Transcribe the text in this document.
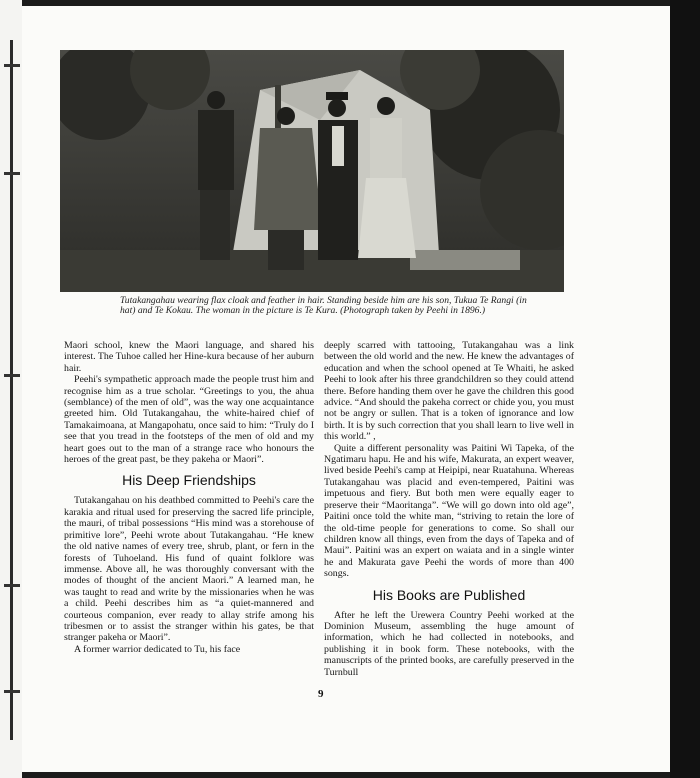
Tutakangahau wearing flax cloak and feather in hair. Standing beside him are his son, Tukua Te Rangi (in hat) and Te Kokau. The woman in the picture is Te Kura. (Photograph taken by Peehi in 1896.)

Maori school, knew the Maori language, and shared his interest. The Tuhoe called her Hine-kura because of her auburn hair.

Peehi's sympathetic approach made the people trust him and recognise him as a true scholar. “Greetings to you, the ahua (semblance) of the men of old”, was the way one acquaintance greeted him. Old Tutakangahau, the white-haired chief of Tamakaimoana, at Mangapohatu, once said to him: “Truly do I see that you tread in the footsteps of the men of old and my heart goes out to the man of a strange race who honours the heroes of the great past, be they pakeha or Maori”.

His Deep Friendships

Tutakangahau on his deathbed committed to Peehi's care the karakia and ritual used for preserving the sacred life principle, the mauri, of tribal possessions “His mind was a storehouse of primitive lore”, Peehi wrote about Tutakangahau. “He knew the old native names of every tree, shrub, plant, or fern in the forests of Tuhoeland. His fund of quaint folklore was immense. Above all, he was thoroughly conversant with the modes of thought of the ancient Maori.” A learned man, he was taught to read and write by the missionaries when he was a child. Peehi describes him as “a quiet-mannered and courteous companion, ever ready to allay strife among his tribesmen or to assist the stranger within his gates, be that stranger pakeha or Maori”.

A former warrior dedicated to Tu, his face

deeply scarred with tattooing, Tutakangahau was a link between the old world and the new. He knew the advantages of education and when the school opened at Te Whaiti, he asked Peehi to look after his three grandchildren so they could attend there. Before handing them over he gave the children this good advice. “And should the pakeha correct or chide you, you must not be angry or sullen. That is a token of ignorance and low birth. It is by such correction that you shall learn to live well in this world.” ,

Quite a different personality was Paitini Wi Tapeka, of the Ngatimaru hapu. He and his wife, Makurata, an expert weaver, lived beside Peehi's camp at Heipipi, near Ruatahuna. Whereas Tutakangahau was placid and even-tempered, Paitini was impetuous and fiery. But both men were equally eager to preserve their “Maoritanga”. “We will go down into old age”, Paitini once told the white man, “striving to retain the lore of the old-time people for generations to come. So shall our children know all things, even from the days of Tapeka and of Maui”. Paitini was an expert on waiata and in a single winter he and Makurata gave Peehi the words of more than 400 songs.

His Books are Published

After he left the Urewera Country Peehi worked at the Dominion Museum, assembling the huge amount of information, which he had collected in notebooks, and publishing it in book form. These notebooks, with the manuscripts of the printed books, are carefully preserved in the Turnbull

9
